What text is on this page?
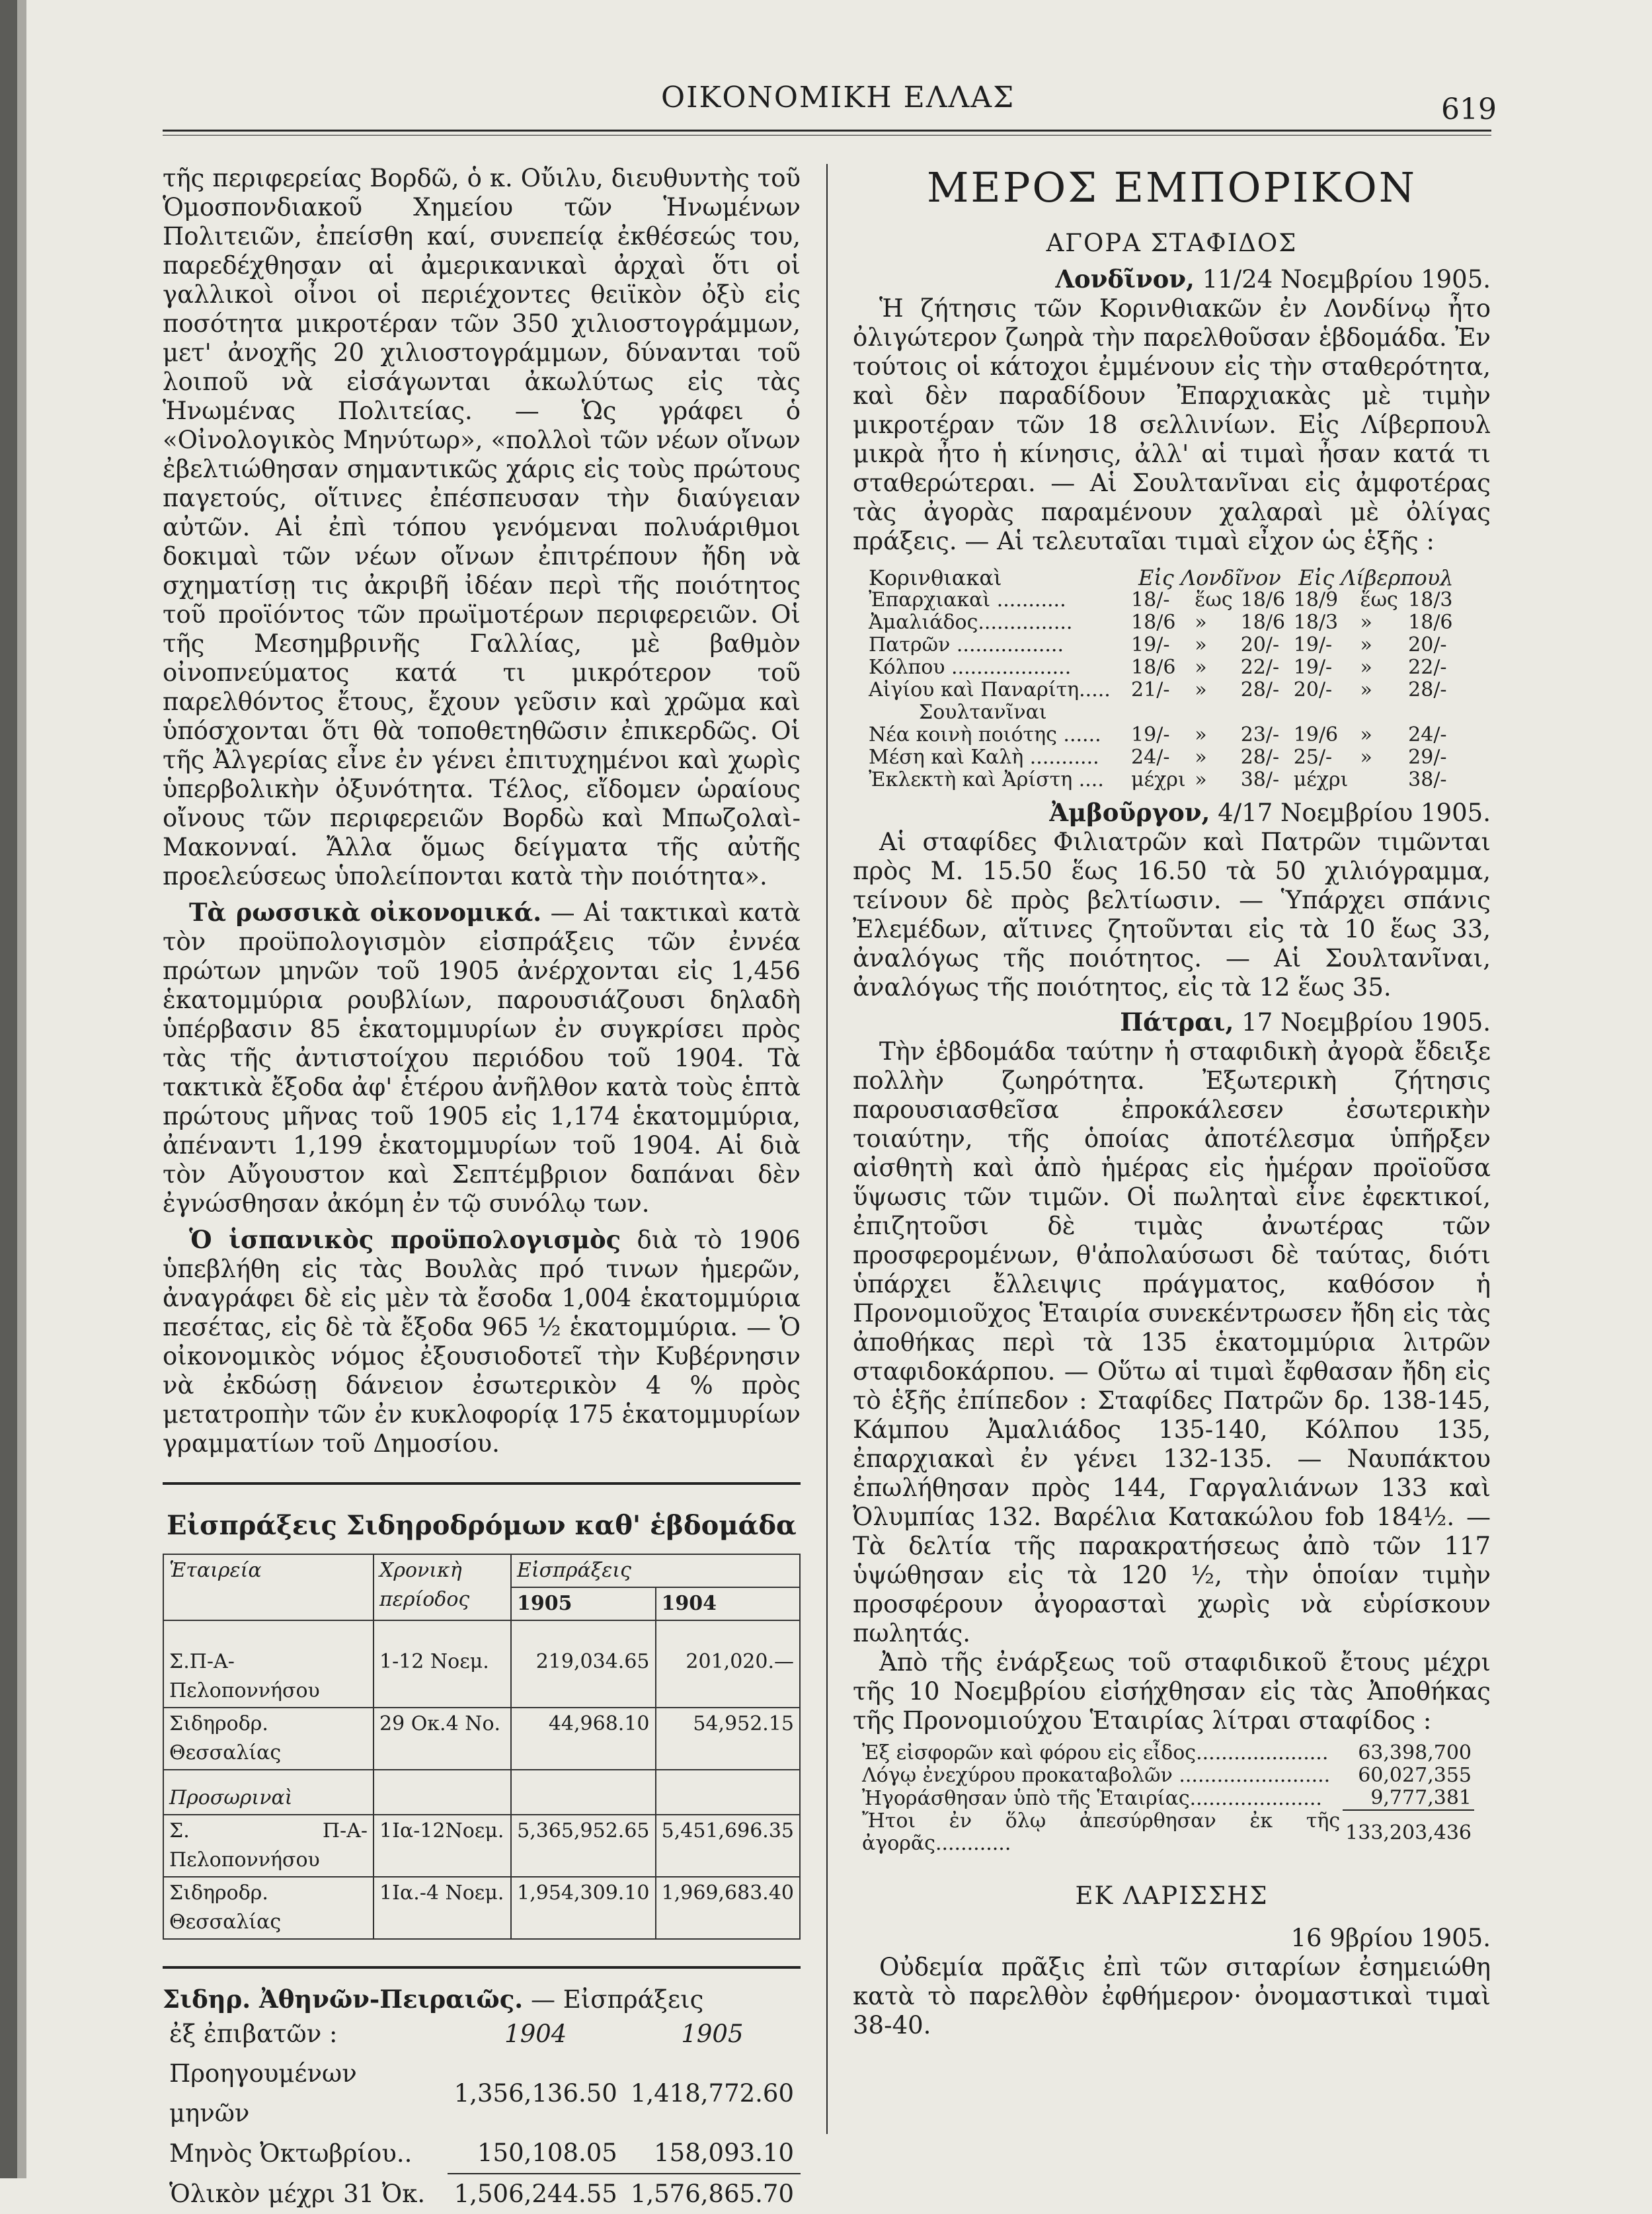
ΟΙΚΟΝΟΜΙΚΗ ΕΛΛΑΣ	619

τῆς περιφερείας Βορδῶ, ὁ κ. Οὔιλυ, διευθυντὴς τοῦ Ὁμοσπονδιακοῦ Χημείου τῶν Ἡνωμένων Πολιτειῶν, ἐπείσθη καί, συνεπείᾳ ἐκθέσεώς του, παρεδέχθησαν αἱ ἀμερικανικαὶ ἀρχαὶ ὅτι οἱ γαλλικοὶ οἶνοι οἱ περιέχοντες θειϊκὸν ὀξὺ εἰς ποσότητα μικροτέραν τῶν 350 χιλιοστογράμμων, μετ' ἀνοχῆς 20 χιλιοστογράμμων, δύνανται τοῦ λοιποῦ νὰ εἰσάγωνται ἀκωλύτως εἰς τὰς Ἡνωμένας Πολιτείας. — Ὡς γράφει ὁ «Οἰνολογικὸς Μηνύτωρ», «πολλοὶ τῶν νέων οἴνων ἐβελτιώθησαν σημαντικῶς χάρις εἰς τοὺς πρώτους παγετούς, οἵτινες ἐπέσπευσαν τὴν διαύγειαν αὐτῶν. Αἱ ἐπὶ τόπου γενόμεναι πολυάριθμοι δοκιμαὶ τῶν νέων οἴνων ἐπιτρέπουν ἤδη νὰ σχηματίσῃ τις ἀκριβῆ ἰδέαν περὶ τῆς ποιότητος τοῦ προϊόντος τῶν πρωϊμοτέρων περιφερειῶν. Οἱ τῆς Μεσημβρινῆς Γαλλίας, μὲ βαθμὸν οἰνοπνεύματος κατά τι μικρότερον τοῦ παρελθόντος ἔτους, ἔχουν γεῦσιν καὶ χρῶμα καὶ ὑπόσχονται ὅτι θὰ τοποθετηθῶσιν ἐπικερδῶς. Οἱ τῆς Ἀλγερίας εἶνε ἐν γένει ἐπιτυχημένοι καὶ χωρὶς ὑπερβολικὴν ὀξυνότητα. Τέλος, εἴδομεν ὡραίους οἴνους τῶν περιφερειῶν Βορδὼ καὶ Μπωζολαὶ-Μακονναί. Ἄλλα ὅμως δείγματα τῆς αὐτῆς προελεύσεως ὑπολείπονται κατὰ τὴν ποιότητα».

Τὰ ρωσσικὰ οἰκονομικά. — Αἱ τακτικαὶ κατὰ τὸν προϋπολογισμὸν εἰσπράξεις τῶν ἐννέα πρώτων μηνῶν τοῦ 1905 ἀνέρχονται εἰς 1,456 ἑκατομμύρια ρουβλίων, παρουσιάζουσι δηλαδὴ ὑπέρβασιν 85 ἑκατομμυρίων ἐν συγκρίσει πρὸς τὰς τῆς ἀντιστοίχου περιόδου τοῦ 1904. Τὰ τακτικὰ ἔξοδα ἀφ' ἑτέρου ἀνῆλθον κατὰ τοὺς ἑπτὰ πρώτους μῆνας τοῦ 1905 εἰς 1,174 ἑκατομμύρια, ἀπέναντι 1,199 ἑκατομμυρίων τοῦ 1904. Αἱ διὰ τὸν Αὔγουστον καὶ Σεπτέμβριον δαπάναι δὲν ἐγνώσθησαν ἀκόμη ἐν τῷ συνόλῳ των.

Ὁ ἱσπανικὸς προϋπολογισμὸς διὰ τὸ 1906 ὑπεβλήθη εἰς τὰς Βουλὰς πρό τινων ἡμερῶν, ἀναγράφει δὲ εἰς μὲν τὰ ἔσοδα 1,004 ἑκατομμύρια πεσέτας, εἰς δὲ τὰ ἔξοδα 965 ½ ἑκατομμύρια. — Ὁ οἰκονομικὸς νόμος ἐξουσιοδοτεῖ τὴν Κυβέρνησιν νὰ ἐκδώσῃ δάνειον ἐσωτερικὸν 4 % πρὸς μετατροπὴν τῶν ἐν κυκλοφορίᾳ 175 ἑκατομμυρίων γραμματίων τοῦ Δημοσίου.

Εἰσπράξεις Σιδηροδρόμων καθ' ἑβδομάδα
Ἑταιρεία	Χρονικὴ περίοδος	Εἰσπράξεις	
		1905	1904
Σ.Π-Α-Πελοποννήσου	1-12 Νοεμ.	219,034.65	201,020.—
Σιδηροδρ. Θεσσαλίας	29 Οκ.4 Νο.	44,968.10	54,952.15
Προσωριναὶ			
Σ. Π-Α-Πελοποννήσου	1Ια-12Νοεμ.	5,365,952.65	5,451,696.35
Σιδηροδρ. Θεσσαλίας	1Ια.-4 Νοεμ.	1,954,309.10	1,969,683.40

Σιδηρ. Ἀθηνῶν-Πειραιῶς. — Εἰσπράξεις

ἐξ ἐπιβατῶν :	1904	1905
Προηγουμένων μηνῶν	1,356,136.50	1,418,772.60
Μηνὸς Ὀκτωβρίου..	150,108.05	158,093.10
Ὁλικὸν μέχρι 31 Ὀκ.	1,506,244.55	1,576,865.70
ΜΕΡΟΣ ΕΜΠΟΡΙΚΟΝ
ΑΓΟΡΑ ΣΤΑΦΙΔΟΣ

Λονδῖνον, 11/24 Νοεμβρίου 1905.

Ἡ ζήτησις τῶν Κορινθιακῶν ἐν Λονδίνῳ ἦτο ὀλιγώτερον ζωηρὰ τὴν παρελθοῦσαν ἑβδομάδα. Ἐν τούτοις οἱ κάτοχοι ἐμμένουν εἰς τὴν σταθερότητα, καὶ δὲν παραδίδουν Ἐπαρχιακὰς μὲ τιμὴν μικροτέραν τῶν 18 σελλινίων. Εἰς Λίβερπουλ μικρὰ ἦτο ἡ κίνησις, ἀλλ' αἱ τιμαὶ ἦσαν κατά τι σταθερώτεραι. — Αἱ Σουλτανῖναι εἰς ἀμφοτέρας τὰς ἀγορὰς παραμένουν χαλαραὶ μὲ ὀλίγας πράξεις. — Αἱ τελευταῖαι τιμαὶ εἶχον ὡς ἑξῆς :

Κορινθιακαὶ	Εἰς Λονδῖνον			Εἰς Λίβερπουλ		
Ἐπαρχιακαὶ ...........	18/-	ἕως	18/6	18/9	ἕως	18/3
Ἀμαλιάδος...............	18/6	»	18/6	18/3	»	18/6
Πατρῶν .................	19/-	»	20/-	19/-	»	20/-
Κόλπου ...................	18/6	»	22/-	19/-	»	22/-
Αἰγίου καὶ Παναρίτη.....	21/-	»	28/-	20/-	»	28/-
Σουλτανῖναι						
Νέα κοινὴ ποιότης ......	19/-	»	23/-	19/6	»	24/-
Μέση καὶ Καλὴ ...........	24/-	»	28/-	25/-	»	29/-
Ἐκλεκτὴ καὶ Ἀρίστη ....	μέχρι	»	38/-	μέχρι		38/-

Ἀμβοῦργον, 4/17 Νοεμβρίου 1905.

Αἱ σταφίδες Φιλιατρῶν καὶ Πατρῶν τιμῶνται πρὸς Μ. 15.50 ἕως 16.50 τὰ 50 χιλιόγραμμα, τείνουν δὲ πρὸς βελτίωσιν. — Ὑπάρχει σπάνις Ἐλεμέδων, αἵτινες ζητοῦνται εἰς τὰ 10 ἕως 33, ἀναλόγως τῆς ποιότητος. — Αἱ Σουλτανῖναι, ἀναλόγως τῆς ποιότητος, εἰς τὰ 12 ἕως 35.

Πάτραι, 17 Νοεμβρίου 1905.

Τὴν ἑβδομάδα ταύτην ἡ σταφιδικὴ ἀγορὰ ἔδειξε πολλὴν ζωηρότητα. Ἐξωτερικὴ ζήτησις παρουσιασθεῖσα ἐπροκάλεσεν ἐσωτερικὴν τοιαύτην, τῆς ὁποίας ἀποτέλεσμα ὑπῆρξεν αἰσθητὴ καὶ ἀπὸ ἡμέρας εἰς ἡμέραν προϊοῦσα ὕψωσις τῶν τιμῶν. Οἱ πωληταὶ εἶνε ἐφεκτικοί, ἐπιζητοῦσι δὲ τιμὰς ἀνωτέρας τῶν προσφερομένων, θ'ἀπολαύσωσι δὲ ταύτας, διότι ὑπάρχει ἔλλειψις πράγματος, καθόσον ἡ Προνομιοῦχος Ἑταιρία συνεκέντρωσεν ἤδη εἰς τὰς ἀποθήκας περὶ τὰ 135 ἑκατομμύρια λιτρῶν σταφιδοκάρπου. — Οὕτω αἱ τιμαὶ ἔφθασαν ἤδη εἰς τὸ ἑξῆς ἐπίπεδον : Σταφίδες Πατρῶν δρ. 138-145, Κάμπου Ἀμαλιάδος 135-140, Κόλπου 135, ἐπαρχιακαὶ ἐν γένει 132-135. — Ναυπάκτου ἐπωλήθησαν πρὸς 144, Γαργαλιάνων 133 καὶ Ὀλυμπίας 132. Βαρέλια Κατακώλου fob 184½. — Τὰ δελτία τῆς παρακρατήσεως ἀπὸ τῶν 117 ὑψώθησαν εἰς τὰ 120 ½, τὴν ὁποίαν τιμὴν προσφέρουν ἀγορασταὶ χωρὶς νὰ εὑρίσκουν πωλητάς.

Ἀπὸ τῆς ἐνάρξεως τοῦ σταφιδικοῦ ἔτους μέχρι τῆς 10 Νοεμβρίου εἰσήχθησαν εἰς τὰς Ἀποθήκας τῆς Προνομιούχου Ἑταιρίας λίτραι σταφίδος :

Ἐξ εἰσφορῶν καὶ φόρου εἰς εἶδος.....................	63,398,700
Λόγῳ ἐνεχύρου προκαταβολῶν ........................	60,027,355
Ἠγοράσθησαν ὑπὸ τῆς Ἑταιρίας.....................	9,777,381
Ἤτοι ἐν ὅλῳ ἀπεσύρθησαν ἐκ τῆς ἀγορᾶς............	133,203,436
ΕΚ ΛΑΡΙΣΣΗΣ

16 9βρίου 1905.

Οὐδεμία πρᾶξις ἐπὶ τῶν σιταρίων ἐσημειώθη κατὰ τὸ παρελθὸν ἐφθήμερον· ὀνομαστικαὶ τιμαὶ 38-40.
